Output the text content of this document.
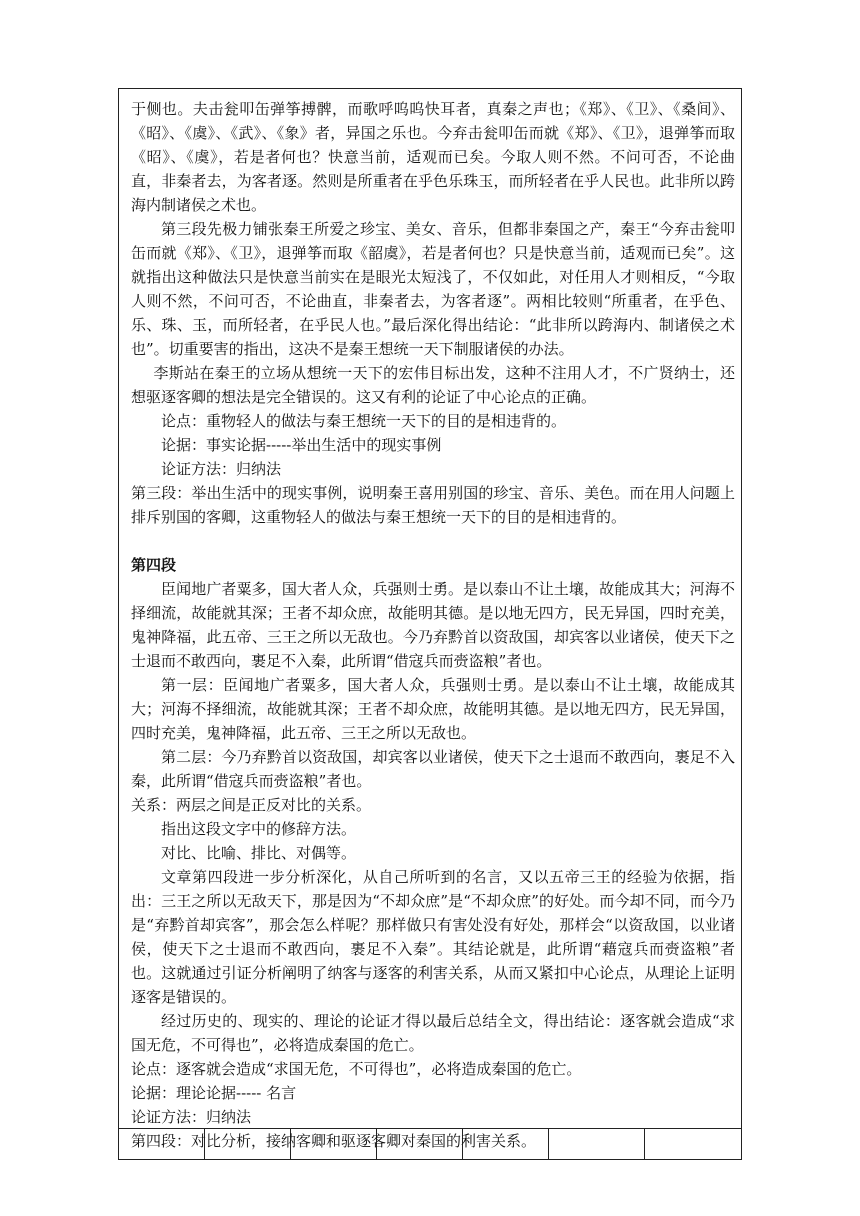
于侧也。夫击瓮叩缶弹筝搏髀，而歌呼呜呜快耳者，真秦之声也；《郑》、《卫》、《桑间》、《昭》、《虞》、《武》、《象》者，异国之乐也。今弃击瓮叩缶而就《郑》、《卫》，退弹筝而取《昭》、《虞》，若是者何也？快意当前，适观而已矣。今取人则不然。不问可否，不论曲直，非秦者去，为客者逐。然则是所重者在乎色乐珠玉，而所轻者在乎人民也。此非所以跨海内制诸侯之术也。

第三段先极力铺张秦王所爱之珍宝、美女、音乐，但都非秦国之产，秦王“今弃击瓮叩缶而就《郑》、《卫》，退弹筝而取《韶虞》，若是者何也？只是快意当前，适观而已矣”。这就指出这种做法只是快意当前实在是眼光太短浅了，不仅如此，对任用人才则相反，“今取人则不然，不问可否，不论曲直，非秦者去，为客者逐”。两相比较则“所重者，在乎色、乐、珠、玉，而所轻者，在乎民人也。”最后深化得出结论：“此非所以跨海内、制诸侯之术也”。切重要害的指出，这决不是秦王想统一天下制服诸侯的办法。

李斯站在秦王的立场从想统一天下的宏伟目标出发，这种不注用人才，不广贤纳士，还想驱逐客卿的想法是完全错误的。这又有利的论证了中心论点的正确。

论点：重物轻人的做法与秦王想统一天下的目的是相违背的。

论据：事实论据-----举出生活中的现实事例

论证方法：归纳法

第三段：举出生活中的现实事例，说明秦王喜用别国的珍宝、音乐、美色。而在用人问题上排斥别国的客卿，这重物轻人的做法与秦王想统一天下的目的是相违背的。

第四段

臣闻地广者粟多，国大者人众，兵强则士勇。是以泰山不让土壤，故能成其大；河海不择细流，故能就其深；王者不却众庶，故能明其德。是以地无四方，民无异国，四时充美，鬼神降福，此五帝、三王之所以无敌也。今乃弃黔首以资敌国，却宾客以业诸侯，使天下之士退而不敢西向，裹足不入秦，此所谓“借寇兵而赍盗粮”者也。

第一层：臣闻地广者粟多，国大者人众，兵强则士勇。是以泰山不让土壤，故能成其大；河海不择细流，故能就其深；王者不却众庶，故能明其德。是以地无四方，民无异国，四时充美，鬼神降福，此五帝、三王之所以无敌也。

第二层：今乃弃黔首以资敌国，却宾客以业诸侯，使天下之士退而不敢西向，裹足不入秦，此所谓“借寇兵而赍盗粮”者也。

关系：两层之间是正反对比的关系。

指出这段文字中的修辞方法。

对比、比喻、排比、对偶等。

文章第四段进一步分析深化，从自己所听到的名言，又以五帝三王的经验为依据，指出：三王之所以无敌天下，那是因为“不却众庶”是“不却众庶”的好处。而今却不同，而今乃是“弃黔首却宾客”，那会怎么样呢？那样做只有害处没有好处，那样会“以资敌国，以业诸侯，使天下之士退而不敢西向，裹足不入秦”。其结论就是，此所谓“藉寇兵而赍盗粮”者也。这就通过引证分析阐明了纳客与逐客的利害关系，从而又紧扣中心论点，从理论上证明逐客是错误的。

经过历史的、现实的、理论的论证才得以最后总结全文，得出结论：逐客就会造成“求国无危，不可得也”，必将造成秦国的危亡。

论点：逐客就会造成“求国无危，不可得也”，必将造成秦国的危亡。

论据：理论论据----- 名言

论证方法：归纳法

第四段：对比分析，接纳客卿和驱逐客卿对秦国的利害关系。
